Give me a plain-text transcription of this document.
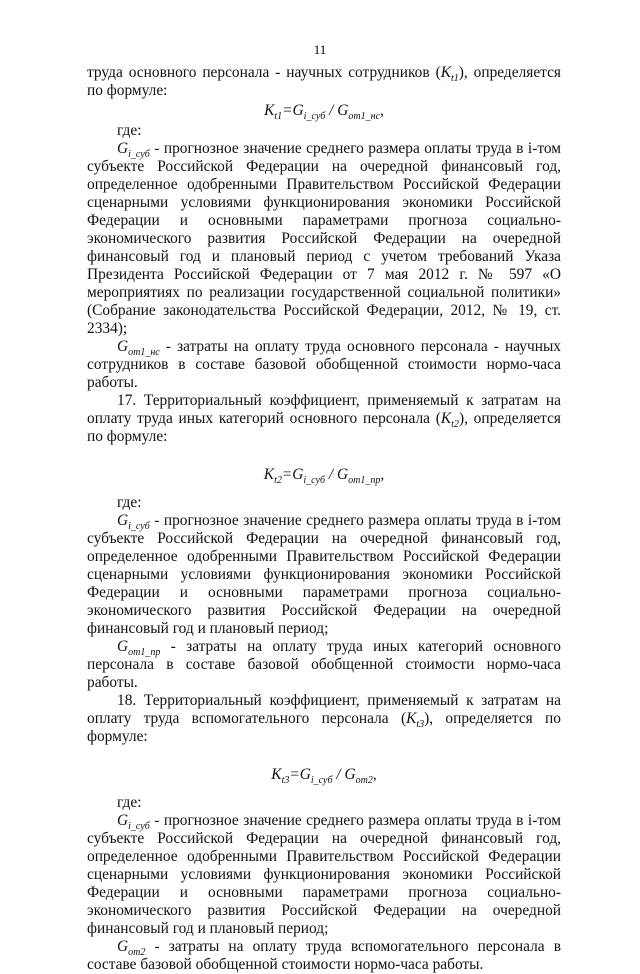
11

труда основного персонала - научных сотрудников $(K_{t1})$, определяется по формуле:

$K_{t1}=G_{i\_суб} / G_{от1\_нс}$,

где:

$G_{i\_суб}$ - прогнозное значение среднего размера оплаты труда в i-том субъекте Российской Федерации на очередной финансовый год, определенное одобренными Правительством Российской Федерации сценарными условиями функционирования экономики Российской Федерации и основными параметрами прогноза социально-экономического развития Российской Федерации на очередной финансовый год и плановый период с учетом требований Указа Президента Российской Федерации от 7 мая 2012 г. № 597 «О мероприятиях по реализации государственной социальной политики» (Собрание законодательства Российской Федерации, 2012, № 19, ст. 2334);

$G_{от1\_нс}$ - затраты на оплату труда основного персонала - научных сотрудников в составе базовой обобщенной стоимости нормо-часа работы.

17. Территориальный коэффициент, применяемый к затратам на оплату труда иных категорий основного персонала $(K_{t2})$, определяется по формуле:

$K_{t2}=G_{i\_суб} / G_{от1\_пр}$,

где:

$G_{i\_суб}$ - прогнозное значение среднего размера оплаты труда в i-том субъекте Российской Федерации на очередной финансовый год, определенное одобренными Правительством Российской Федерации сценарными условиями функционирования экономики Российской Федерации и основными параметрами прогноза социально-экономического развития Российской Федерации на очередной финансовый год и плановый период;

$G_{от1\_пр}$ - затраты на оплату труда иных категорий основного персонала в составе базовой обобщенной стоимости нормо-часа работы.

18. Территориальный коэффициент, применяемый к затратам на оплату труда вспомогательного персонала $(K_{t3})$, определяется по формуле:

$K_{t3}=G_{i\_суб} / G_{от2}$,

где:

$G_{i\_суб}$ - прогнозное значение среднего размера оплаты труда в i-том субъекте Российской Федерации на очередной финансовый год, определенное одобренными Правительством Российской Федерации сценарными условиями функционирования экономики Российской Федерации и основными параметрами прогноза социально-экономического развития Российской Федерации на очередной финансовый год и плановый период;

$G_{от2}$ - затраты на оплату труда вспомогательного персонала в составе базовой обобщенной стоимости нормо-часа работы.
